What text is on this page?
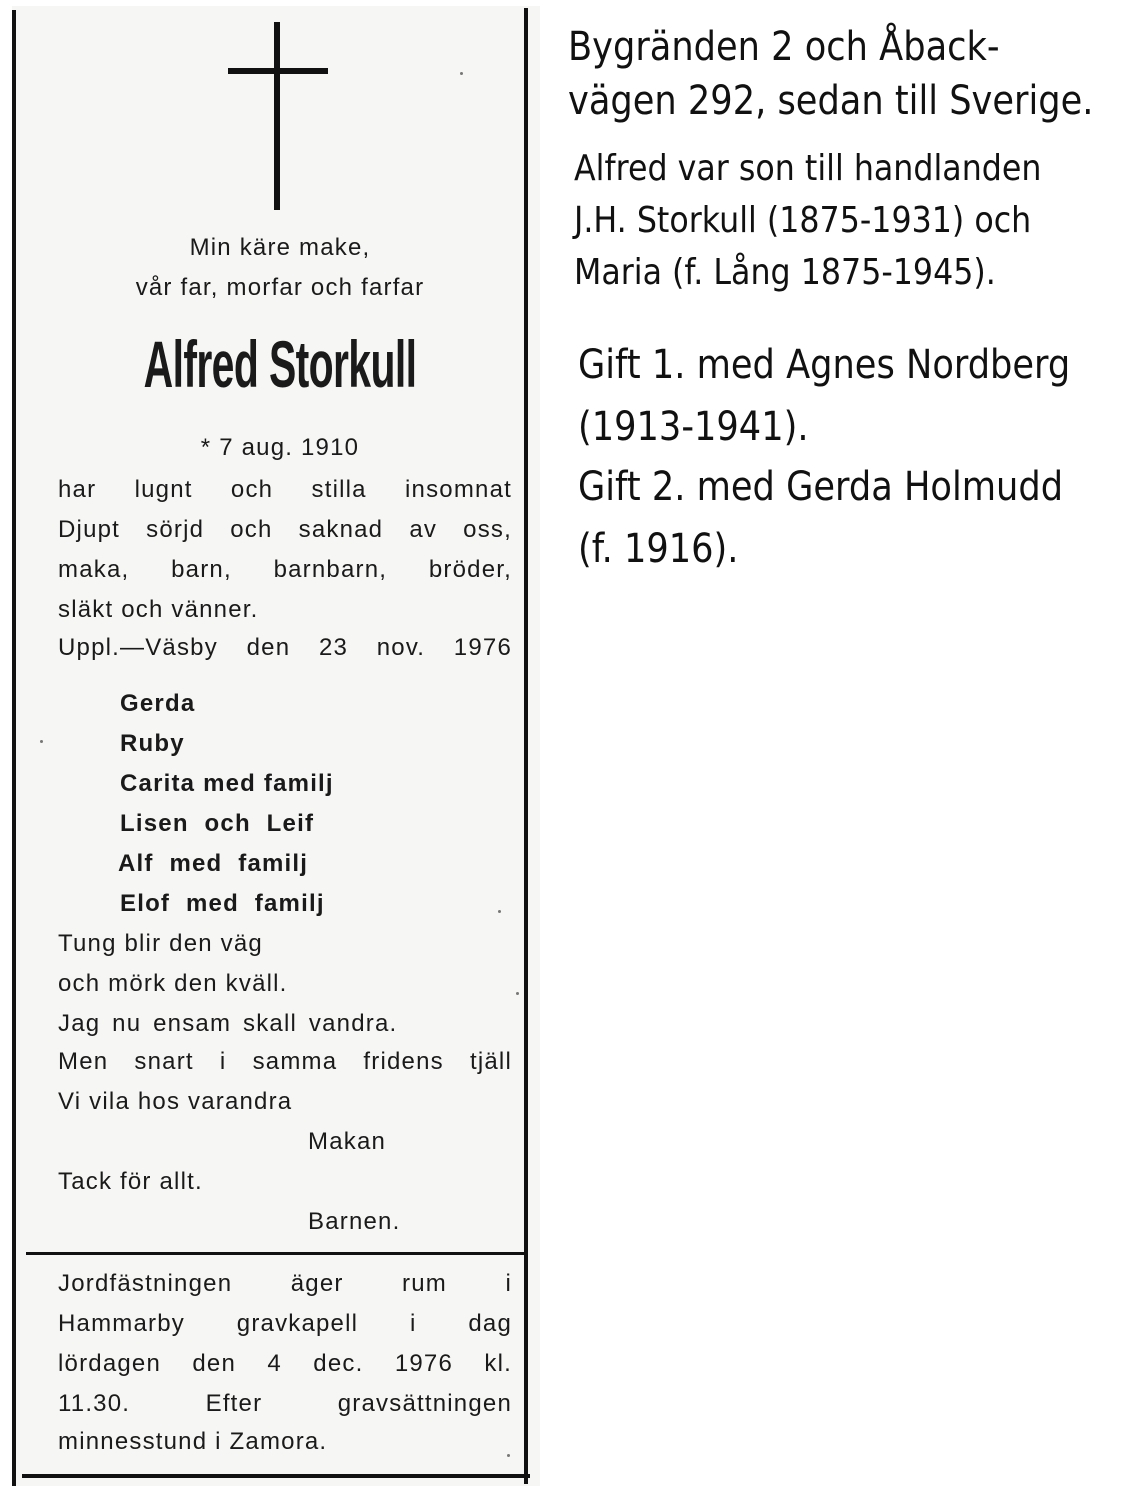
Min käre make,
vår far, morfar och farfar
Alfred Storkull
* 7 aug. 1910
har lugnt och stilla insomnat
Djupt sörjd och saknad av oss,
maka, barn, barnbarn, bröder,
släkt och vänner.
Uppl.—Väsby den 23 nov. 1976
Gerda
Ruby
Carita med familj
Lisen och Leif
Alf med familj
Elof med familj
Tung blir den väg
och mörk den kväll.
Jag nu ensam skall vandra.
Men snart i samma fridens tjäll
Vi vila hos varandra
Makan
Tack för allt.
Barnen.
Jordfästningen äger rum i
Hammarby gravkapell i dag
lördagen den 4 dec. 1976 kl.
11.30. Efter gravsättningen
minnesstund i Zamora.
Bygränden 2 och Åback-
vägen 292, sedan till Sverige.
Alfred var son till handlanden
J.H. Storkull (1875-1931) och
Maria (f. Lång 1875-1945).
Gift 1. med Agnes Nordberg
(1913-1941).
Gift 2. med Gerda Holmudd
(f. 1916).
